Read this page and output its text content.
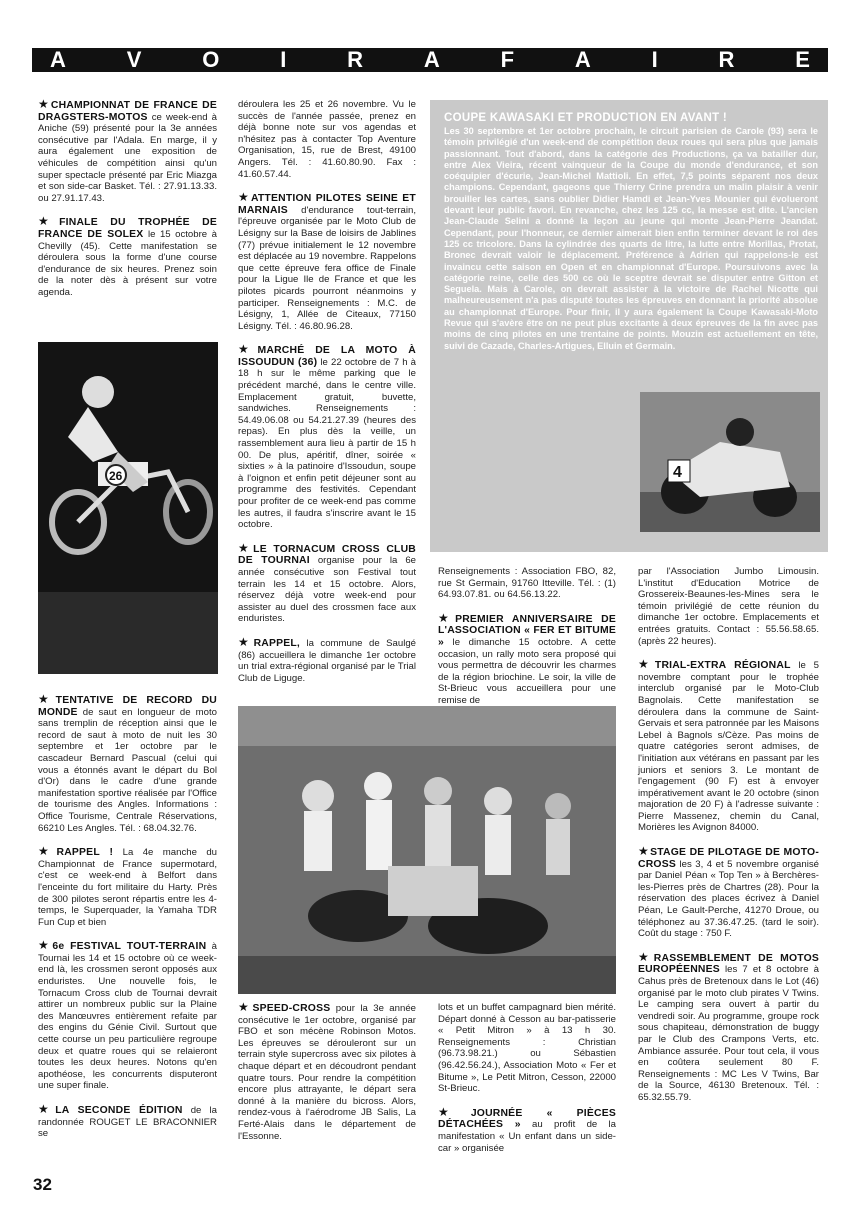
A	V	O	I	R	A	F	A	I	R	E
★CHAMPIONNAT DE FRANCE DE DRAGSTERS-MOTOS ce week-end à Aniche (59) présenté pour la 3e années consécutive par l'Adala. En marge, il y aura également une exposition de véhicules de compétition ainsi qu'un super spectacle présenté par Eric Miazga et son side-car Basket. Tél. : 27.91.13.33. ou 27.91.17.43.
★FINALE DU TROPHÉE DE FRANCE DE SOLEX le 15 octobre à Chevilly (45). Cette manifestation se déroulera sous la forme d'une course d'endurance de six heures. Prenez soin de la noter dès à présent sur votre agenda.
26
★TENTATIVE DE RECORD DU MONDE de saut en longueur de moto sans tremplin de réception ainsi que le record de saut à moto de nuit les 30 septembre et 1er octobre par le cascadeur Bernard Pascual (celui qui vous a étonnés avant le départ du Bol d'Or) dans le cadre d'une grande manifestation sportive réalisée par l'Office de tourisme des Angles. Informations : Office Tourisme, Centrale Réservations, 66210 Les Angles. Tél. : 68.04.32.76.
★RAPPEL ! La 4e manche du Championnat de France supermotard, c'est ce week-end à Belfort dans l'enceinte du fort militaire du Harty. Près de 300 pilotes seront répartis entre les 4-temps, le Superquader, la Yamaha TDR Fun Cup et bien
★6e FESTIVAL TOUT-TERRAIN à Tournai les 14 et 15 octobre où ce week-end là, les crossmen seront opposés aux enduristes. Une nouvelle fois, le Tornacum Cross club de Tournai devrait attirer un nombreux public sur la Plaine des Manœuvres entièrement refaite par des engins du Génie Civil. Surtout que cette course un peu particulière regroupe deux et quatre roues qui se relaieront toutes les deux heures. Notons qu'en apothéose, les concurrents disputeront une super finale.
★LA SECONDE ÉDITION de la randonnée ROUGET LE BRACONNIER se
déroulera les 25 et 26 novembre. Vu le succès de l'année passée, prenez en déjà bonne note sur vos agendas et n'hésitez pas à contacter Top Aventure Organisation, 15, rue de Brest, 49100 Angers. Tél. : 41.60.80.90. Fax : 41.60.57.44.
★ATTENTION PILOTES SEINE ET MARNAIS d'endurance tout-terrain, l'épreuve organisée par le Moto Club de Lésigny sur la Base de loisirs de Jablines (77) prévue initialement le 12 novembre est déplacée au 19 novembre. Rappelons que cette épreuve fera office de Finale pour la Ligue Ile de France et que les pilotes picards pourront néanmoins y participer. Renseignements : M.C. de Lésigny, 1, Allée de Citeaux, 77150 Lésigny. Tél. : 46.80.96.28.
★MARCHÉ DE LA MOTO À ISSOUDUN (36) le 22 octobre de 7 h à 18 h sur le même parking que le précédent marché, dans le centre ville. Emplacement gratuit, buvette, sandwiches. Renseignements : 54.49.06.08 ou 54.21.27.39 (heures des repas). En plus dès la veille, un rassemblement aura lieu à partir de 15 h 00. De plus, apéritif, dîner, soirée « sixties » à la patinoire d'Issoudun, soupe à l'oignon et enfin petit déjeuner sont au programme des festivités. Cependant pour profiter de ce week-end pas comme les autres, il faudra s'inscrire avant le 15 octobre.
★LE TORNACUM CROSS CLUB DE TOURNAI organise pour la 6e année consécutive son Festival tout terrain les 14 et 15 octobre. Alors, réservez déjà votre week-end pour assister au duel des crossmen face aux enduristes.
★RAPPEL, la commune de Saulgé (86) accueillera le dimanche 1er octobre un trial extra-régional organisé par le Trial Club de Liguge.
COUPE KAWASAKI ET PRODUCTION EN AVANT !
Les 30 septembre et 1er octobre prochain, le circuit parisien de Carole (93) sera le témoin privilégié d'un week-end de compétition deux roues qui sera plus que jamais passionnant. Tout d'abord, dans la catégorie des Productions, ça va batailler dur, entre Alex Vieira, récent vainqueur de la Coupe du monde d'endurance, et son coéquipier d'écurie, Jean-Michel Mattioli. En effet, 7,5 points séparent nos deux champions. Cependant, gageons que Thierry Crine prendra un malin plaisir à venir brouiller les cartes, sans oublier Didier Hamdi et Jean-Yves Mounier qui évolueront devant leur public favori. En revanche, chez les 125 cc, la messe est dite. L'ancien Jean-Claude Selini a donné la leçon au jeune qui monte Jean-Pierre Jeandat. Cependant, pour l'honneur, ce dernier aimerait bien enfin terminer devant le roi des 125 cc tricolore. Dans la cylindrée des quarts de litre, la lutte entre Morillas, Protat, Bronec devrait valoir le déplacement. Préférence à Adrien qui rappelons-le est invaincu cette saison en Open et en championnat d'Europe. Poursuivons avec la catégorie reine, celle des 500 cc où le sceptre devrait se disputer entre Gitton et Seguela. Mais à Carole, on devrait assister à la victoire de Rachel Nicotte qui malheureusement n'a pas disputé toutes les épreuves en donnant la priorité absolue au championnat d'Europe. Pour finir, il y aura également la Coupe Kawasaki-Moto Revue qui s'avère être on ne peut plus excitante à deux épreuves de la fin avec pas moins de cinq pilotes en une trentaine de points. Mouzin est actuellement en tête, suivi de Cazade, Charles-Artigues, Elluin et Germain.
4
Renseignements : Association FBO, 82, rue St Germain, 91760 Itteville. Tél. : (1) 64.93.07.81. ou 64.56.13.22.
★PREMIER ANNIVERSAIRE DE L'ASSOCIATION « FER ET BITUME » le dimanche 15 octobre. A cette occasion, un rally moto sera proposé qui vous permettra de découvrir les charmes de la région briochine. Le soir, la ville de St-Brieuc vous accueillera pour une remise de
par l'Association Jumbo Limousin. L'institut d'Education Motrice de Grossereix-Beaunes-les-Mines sera le témoin privilégié de cette réunion du dimanche 1er octobre. Emplacements et entrées gratuits. Contact : 55.56.58.65. (après 22 heures).
★TRIAL-EXTRA RÉGIONAL le 5 novembre comptant pour le trophée interclub organisé par le Moto-Club Bagnolais. Cette manifestation se déroulera dans la commune de Saint-Gervais et sera patronnée par les Maisons Lebel à Bagnols s/Cèze. Pas moins de quatre catégories seront admises, de l'initiation aux vétérans en passant par les juniors et seniors 3. Le montant de l'engagement (90 F) est à envoyer impérativement avant le 20 octobre (sinon majoration de 20 F) à l'adresse suivante : Pierre Massenez, chemin du Canal, Morières les Avignon 84000.
★STAGE DE PILOTAGE DE MOTO-CROSS les 3, 4 et 5 novembre organisé par Daniel Péan « Top Ten » à Berchères-les-Pierres près de Chartres (28). Pour la réservation des places écrivez à Daniel Péan, Le Gault-Perche, 41270 Droue, ou téléphonez au 37.36.47.25. (tard le soir). Coût du stage : 750 F.
★RASSEMBLEMENT DE MOTOS EUROPÉENNES les 7 et 8 octobre à Cahus près de Bretenoux dans le Lot (46) organisé par le moto club pirates V Twins. Le camping sera ouvert à partir du vendredi soir. Au programme, groupe rock sous chapiteau, démonstration de buggy par le Club des Crampons Verts, etc. Ambiance assurée. Pour tout cela, il vous en coûtera seulement 80 F. Renseignements : MC Les V Twins, Bar de la Source, 46130 Bretenoux. Tél. : 65.32.55.79.
★SPEED-CROSS pour la 3e année consécutive le 1er octobre, organisé par FBO et son mécène Robinson Motos. Les épreuves se dérouleront sur un terrain style supercross avec six pilotes à chaque départ et en découdront pendant quatre tours. Pour rendre la compétition encore plus attrayante, le départ sera donné à la manière du bicross. Alors, rendez-vous à l'aérodrome JB Salis, La Ferté-Alais dans le département de l'Essonne.
lots et un buffet campagnard bien mérité. Départ donné à Cesson au bar-patisserie « Petit Mitron » à 13 h 30. Renseignements : Christian (96.73.98.21.) ou Sébastien (96.42.56.24.), Association Moto « Fer et Bitume », Le Petit Mitron, Cesson, 22000 St-Brieuc.
★JOURNÉE « PIÈCES DÉTACHÉES » au profit de la manifestation « Un enfant dans un side-car » organisée
32
